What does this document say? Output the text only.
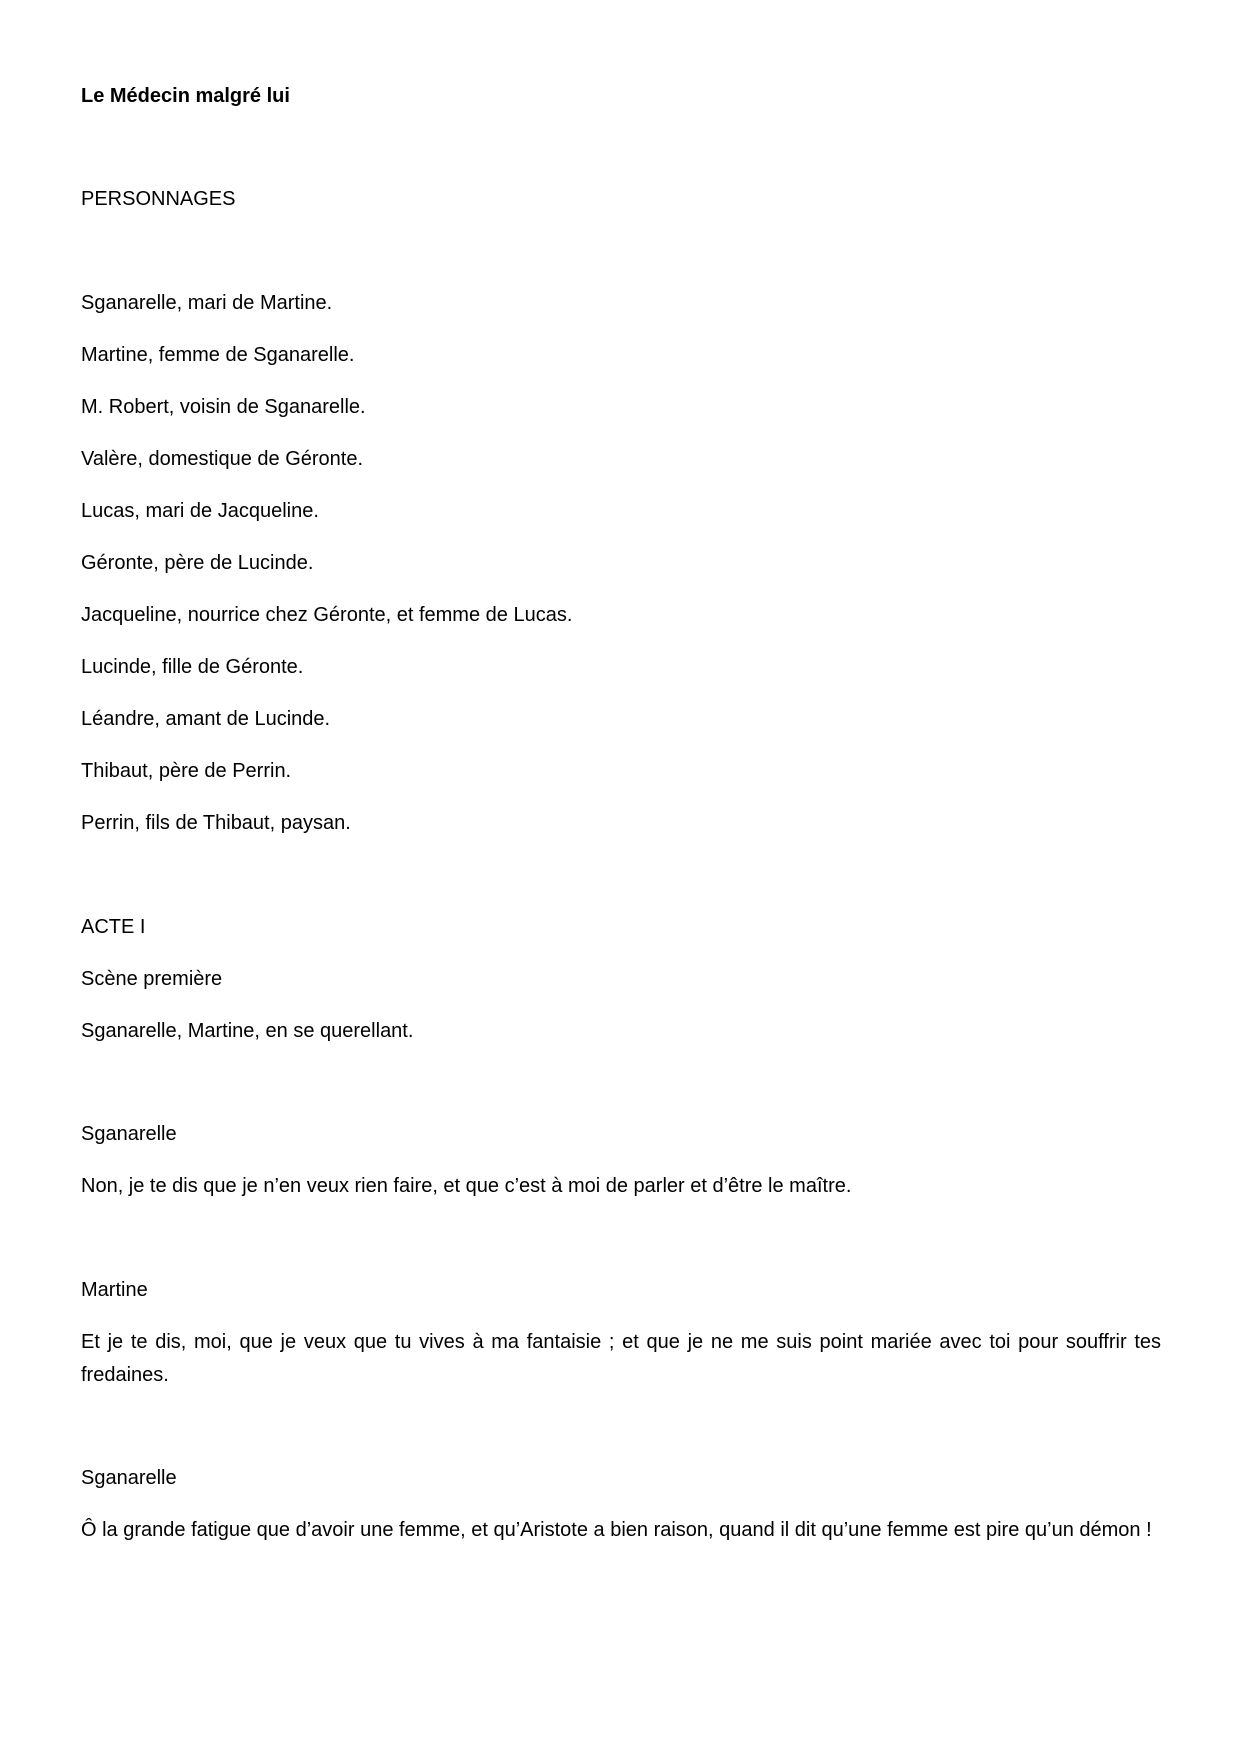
Le Médecin malgré lui

PERSONNAGES

Sganarelle, mari de Martine.

Martine, femme de Sganarelle.

M. Robert, voisin de Sganarelle.

Valère, domestique de Géronte.

Lucas, mari de Jacqueline.

Géronte, père de Lucinde.

Jacqueline, nourrice chez Géronte, et femme de Lucas.

Lucinde, fille de Géronte.

Léandre, amant de Lucinde.

Thibaut, père de Perrin.

Perrin, fils de Thibaut, paysan.

ACTE I

Scène première

Sganarelle, Martine, en se querellant.

Sganarelle

Non, je te dis que je n’en veux rien faire, et que c’est à moi de parler et d’être le maître.

Martine

Et je te dis, moi, que je veux que tu vives à ma fantaisie ; et que je ne me suis point mariée avec toi pour souffrir tes fredaines.

Sganarelle

Ô la grande fatigue que d’avoir une femme, et qu’Aristote a bien raison, quand il dit qu’une femme est pire qu’un démon !
